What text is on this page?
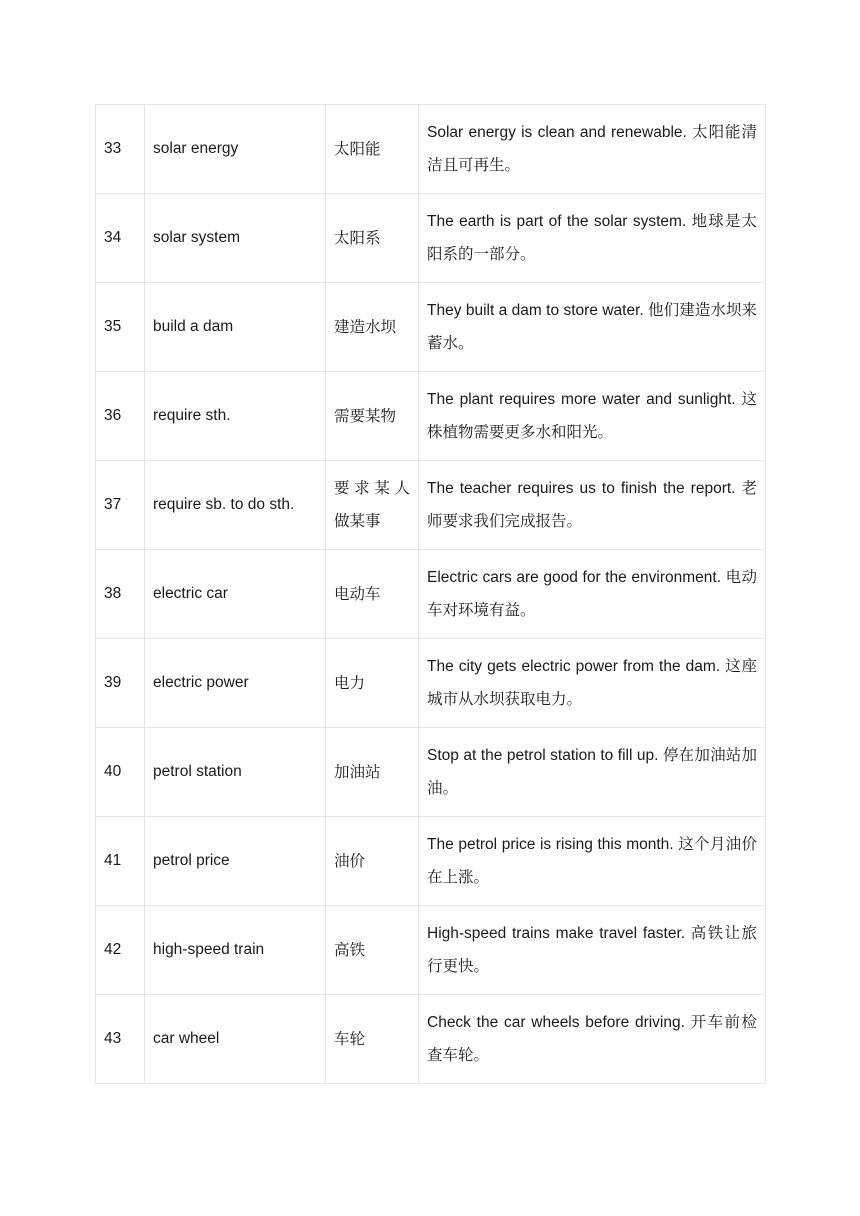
33	solar energy	太阳能	Solar energy is clean and renewable. 太阳能清洁且可再生。
34	solar system	太阳系	The earth is part of the solar system. 地球是太阳系的一部分。
35	build a dam	建造水坝	They built a dam to store water. 他们建造水坝来蓄水。
36	require sth.	需要某物	The plant requires more water and sunlight. 这株植物需要更多水和阳光。
37	require sb. to do sth.	要求某人做某事	The teacher requires us to finish the report. 老师要求我们完成报告。
38	electric car	电动车	Electric cars are good for the environment. 电动车对环境有益。
39	electric power	电力	The city gets electric power from the dam. 这座城市从水坝获取电力。
40	petrol station	加油站	Stop at the petrol station to fill up. 停在加油站加油。
41	petrol price	油价	The petrol price is rising this month. 这个月油价在上涨。
42	high-speed train	高铁	High-speed trains make travel faster. 高铁让旅行更快。
43	car wheel	车轮	Check the car wheels before driving. 开车前检查车轮。
